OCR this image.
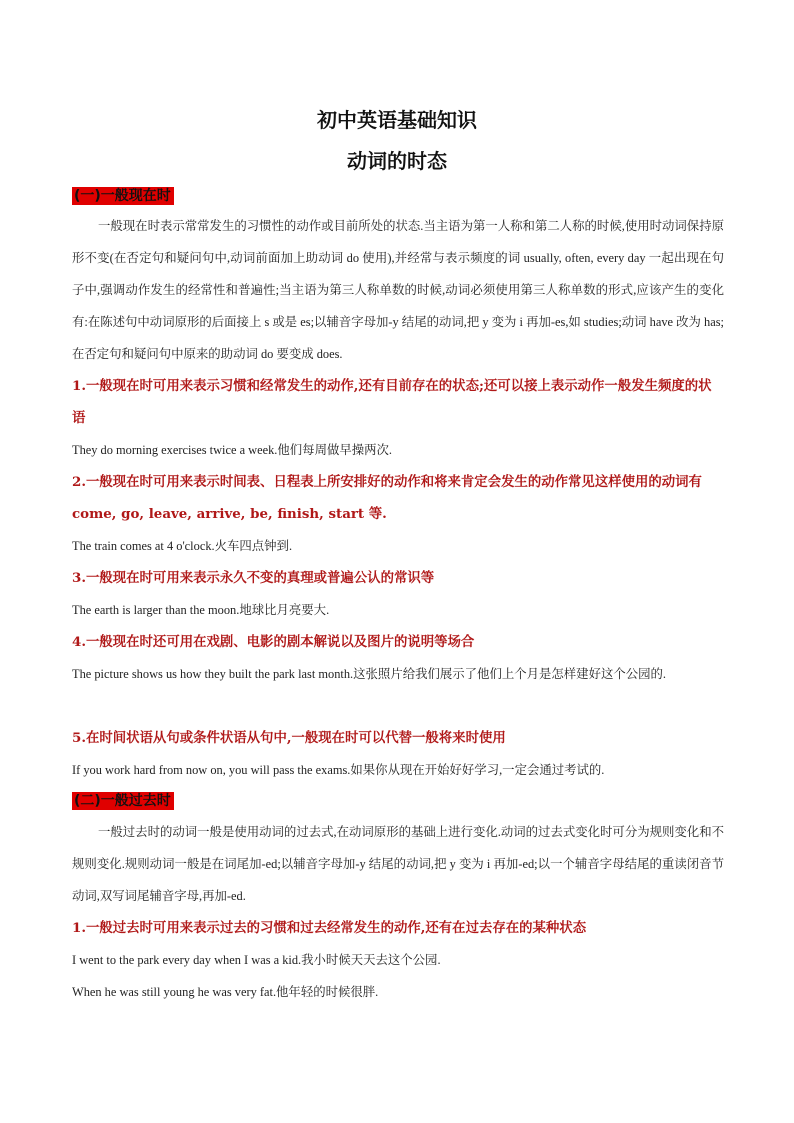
初中英语基础知识
动词的时态
(一)一般现在时

一般现在时表示常常发生的习惯性的动作或目前所处的状态.当主语为第一人称和第二人称的时候,使用时动词保持原形不变(在否定句和疑问句中,动词前面加上助动词 do 使用),并经常与表示频度的词 usually, often, every day 一起出现在句子中,强调动作发生的经常性和普遍性;当主语为第三人称单数的时候,动词必须使用第三人称单数的形式,应该产生的变化有:在陈述句中动词原形的后面接上 s 或是 es;以辅音字母加-y 结尾的动词,把 y 变为 i 再加-es,如 studies;动词 have 改为 has;在否定句和疑问句中原来的助动词 do 要变成 does.

1.一般现在时可用来表示习惯和经常发生的动作,还有目前存在的状态;还可以接上表示动作一般发生频度的状语

They do morning exercises twice a week.他们每周做早操两次.

2.一般现在时可用来表示时间表、日程表上所安排好的动作和将来肯定会发生的动作常见这样使用的动词有 come, go, leave, arrive, be, finish, start 等.

The train comes at 4 o'clock.火车四点钟到.

3.一般现在时可用来表示永久不变的真理或普遍公认的常识等

The earth is larger than the moon.地球比月亮要大.

4.一般现在时还可用在戏剧、电影的剧本解说以及图片的说明等场合

The picture shows us how they built the park last month.这张照片给我们展示了他们上个月是怎样建好这个公园的.

5.在时间状语从句或条件状语从句中,一般现在时可以代替一般将来时使用

If you work hard from now on, you will pass the exams.如果你从现在开始好好学习,一定会通过考试的.

(二)一般过去时

一般过去时的动词一般是使用动词的过去式,在动词原形的基础上进行变化.动词的过去式变化时可分为规则变化和不规则变化.规则动词一般是在词尾加-ed;以辅音字母加-y 结尾的动词,把 y 变为 i 再加-ed;以一个辅音字母结尾的重读闭音节动词,双写词尾辅音字母,再加-ed.

1.一般过去时可用来表示过去的习惯和过去经常发生的动作,还有在过去存在的某种状态

I went to the park every day when I was a kid.我小时候天天去这个公园.

When he was still young he was very fat.他年轻的时候很胖.
